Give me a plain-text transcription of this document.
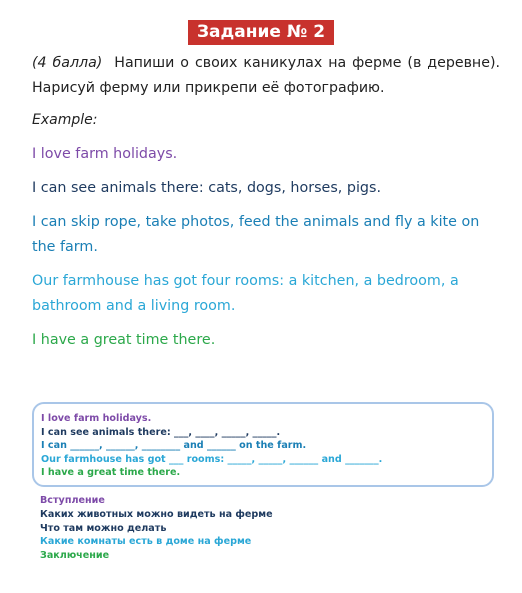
Задание № 2
(4 балла) Напиши о своих каникулах на ферме (в деревне). Нарисуй ферму или прикрепи её фотографию.
Example:
I love farm holidays.
I can see animals there: cats, dogs, horses, pigs.
I can skip rope, take photos, feed the animals and fly a kite on the farm.
Our farmhouse has got four rooms: a kitchen, a bedroom, a bathroom and a living room.
I have a great time there.
I love farm holidays.
I can see animals there: ___, ____, _____, _____.
I can ______, ______, ________ and ______ on the farm.
Our farmhouse has got ___ rooms: _____, _____, ______ and _______.
I have a great time there.
Вступление
Каких животных можно видеть на ферме
Что там можно делать
Какие комнаты есть в доме на ферме
Заключение
